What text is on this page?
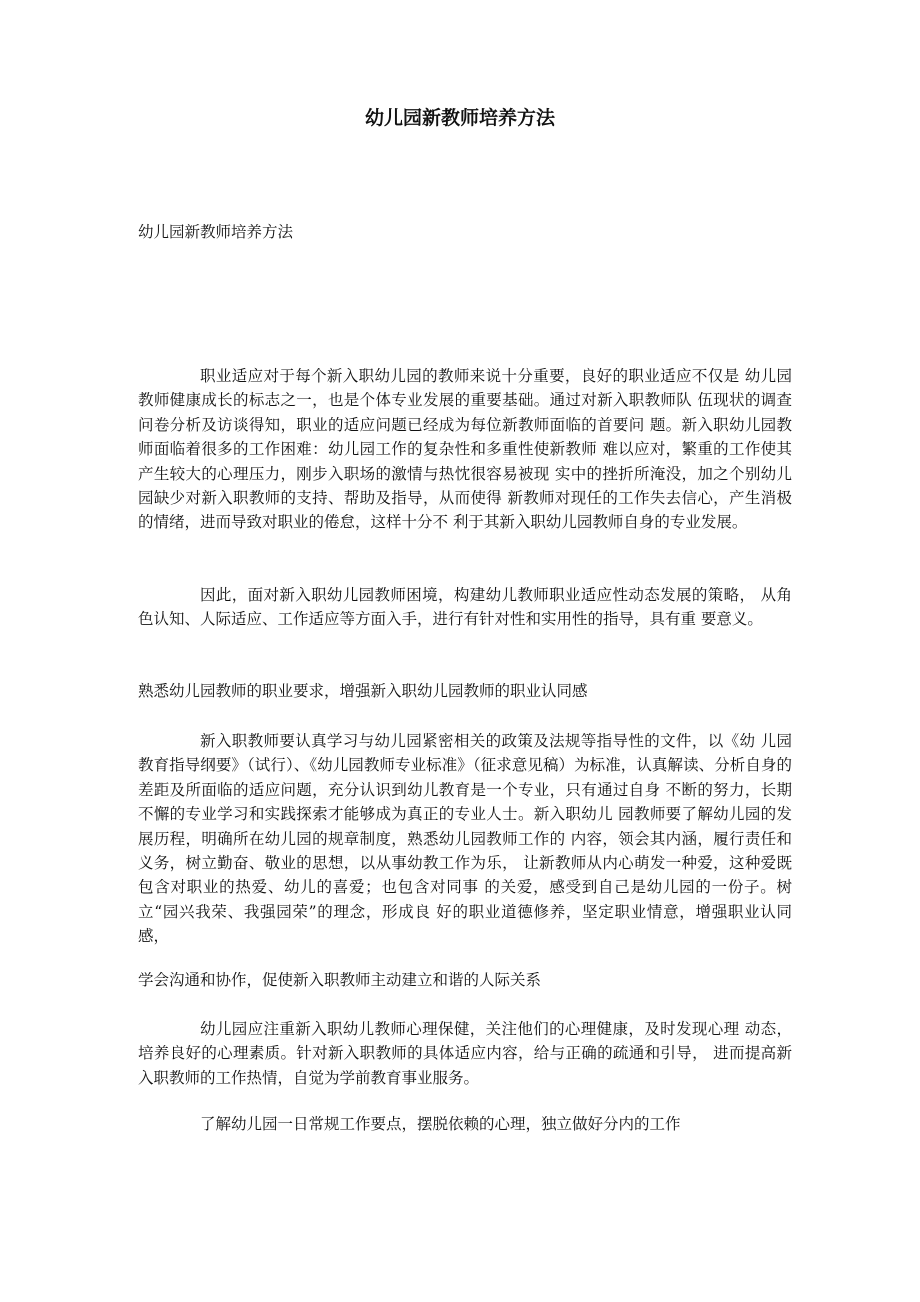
幼儿园新教师培养方法

幼儿园新教师培养方法

职业适应对于每个新入职幼儿园的教师来说十分重要，良好的职业适应不仅是 幼儿园教师健康成长的标志之一，也是个体专业发展的重要基础。通过对新入职教师队 伍现状的调查问卷分析及访谈得知，职业的适应问题已经成为每位新教师面临的首要问 题。新入职幼儿园教师面临着很多的工作困难：幼儿园工作的复杂性和多重性使新教师 难以应对，繁重的工作使其产生较大的心理压力，刚步入职场的激情与热忱很容易被现 实中的挫折所淹没，加之个别幼儿园缺少对新入职教师的支持、帮助及指导，从而使得 新教师对现任的工作失去信心，产生消极的情绪，进而导致对职业的倦怠，这样十分不 利于其新入职幼儿园教师自身的专业发展。

因此，面对新入职幼儿园教师困境，构建幼儿教师职业适应性动态发展的策略， 从角色认知、人际适应、工作适应等方面入手，进行有针对性和实用性的指导，具有重 要意义。

熟悉幼儿园教师的职业要求，增强新入职幼儿园教师的职业认同感

新入职教师要认真学习与幼儿园紧密相关的政策及法规等指导性的文件，以《幼 儿园教育指导纲要》（试行）、《幼儿园教师专业标准》（征求意见稿）为标准，认真解读、分析自身的差距及所面临的适应问题，充分认识到幼儿教育是一个专业，只有通过自身 不断的努力，长期不懈的专业学习和实践探索才能够成为真正的专业人士。新入职幼儿 园教师要了解幼儿园的发展历程，明确所在幼儿园的规章制度，熟悉幼儿园教师工作的 内容，领会其内涵，履行责任和义务，树立勤奋、敬业的思想，以从事幼教工作为乐， 让新教师从内心萌发一种爱，这种爱既包含对职业的热爱、幼儿的喜爱；也包含对同事 的关爱，感受到自己是幼儿园的一份子。树立“园兴我荣、我强园荣”的理念，形成良 好的职业道德修养，坚定职业情意，增强职业认同感，

学会沟通和协作，促使新入职教师主动建立和谐的人际关系

幼儿园应注重新入职幼儿教师心理保健，关注他们的心理健康，及时发现心理 动态，培养良好的心理素质。针对新入职教师的具体适应内容，给与正确的疏通和引导， 进而提高新入职教师的工作热情，自觉为学前教育事业服务。

了解幼儿园一日常规工作要点，摆脱依赖的心理，独立做好分内的工作
